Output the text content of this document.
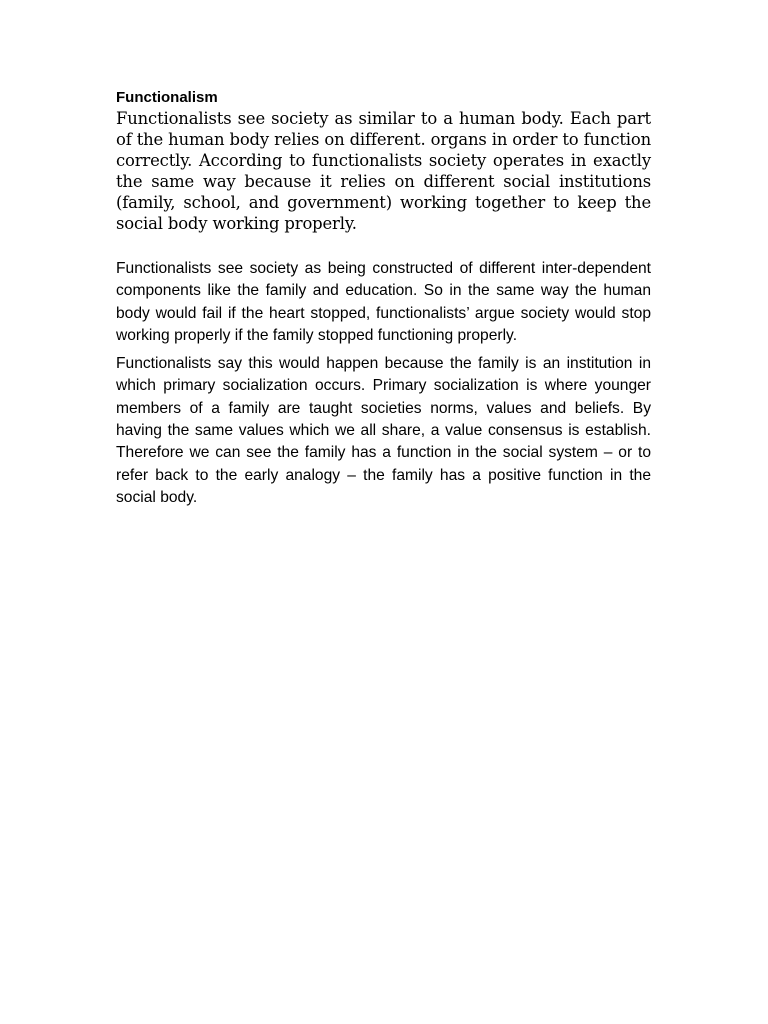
Functionalism

Functionalists see society as similar to a human body. Each part of the human body relies on different. organs in order to function correctly. According to functionalists society operates in exactly the same way because it relies on different social institutions (family, school, and government) working together to keep the social body working properly.

Functionalists see society as being constructed of different inter-dependent components like the family and education. So in the same way the human body would fail if the heart stopped, functionalists’ argue society would stop working properly if the family stopped functioning properly.

Functionalists say this would happen because the family is an institution in which primary socialization occurs. Primary socialization is where younger members of a family are taught societies norms, values and beliefs. By having the same values which we all share, a value consensus is establish. Therefore we can see the family has a function in the social system – or to refer back to the early analogy – the family has a positive function in the social body.
